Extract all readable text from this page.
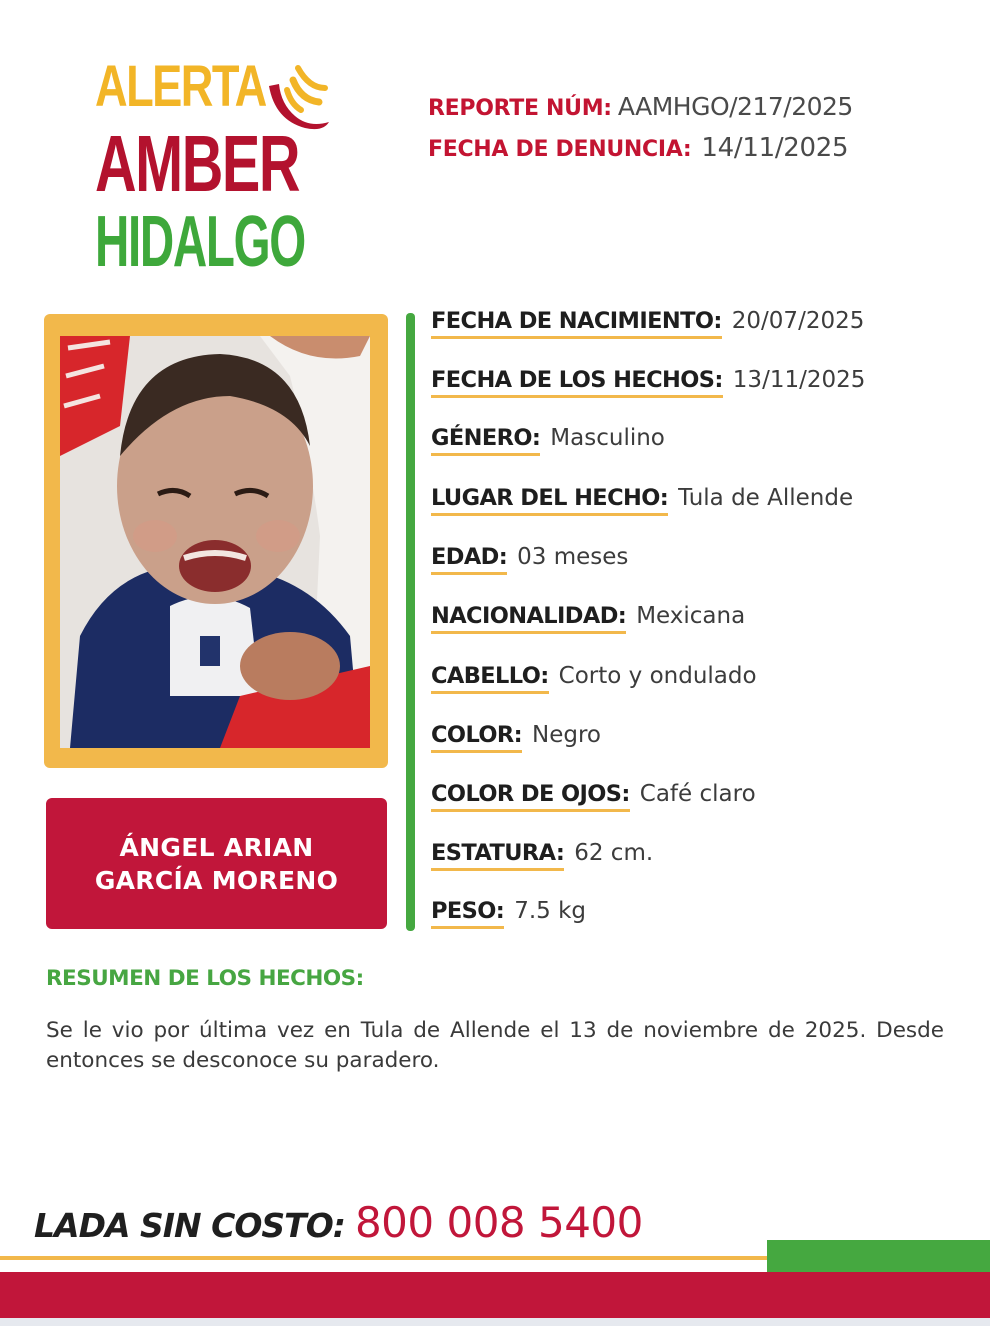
ALERTA
AMBER
HIDALGO
REPORTE NÚM: AAMHGO/217/2025
FECHA DE DENUNCIA: 14/11/2025
ÁNGEL ARIAN
GARCÍA MORENO
FECHA DE NACIMIENTO: 20/07/2025
FECHA DE LOS HECHOS: 13/11/2025
GÉNERO: Masculino
LUGAR DEL HECHO: Tula de Allende
EDAD: 03 meses
NACIONALIDAD: Mexicana
CABELLO: Corto y ondulado
COLOR: Negro
COLOR DE OJOS: Café claro
ESTATURA: 62 cm.
PESO: 7.5 kg
RESUMEN DE LOS HECHOS:
Se le vio por última vez en Tula de Allende el 13 de noviembre de 2025. Desde entonces se desconoce su paradero.
LADA SIN COSTO: 800 008 5400
